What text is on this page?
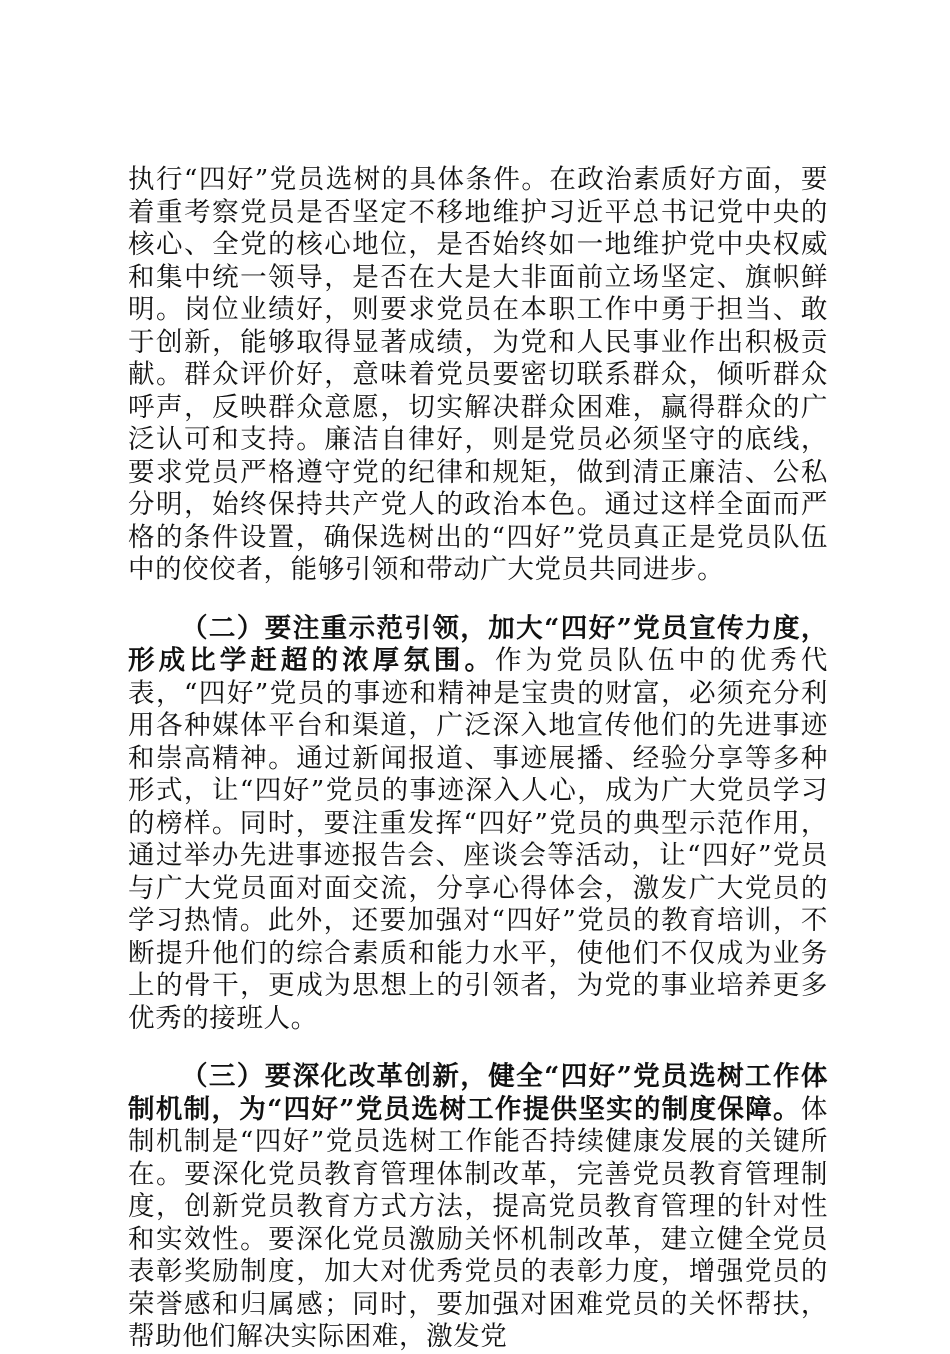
执行“四好”党员选树的具体条件。在政治素质好方面，要着重考察党员是否坚定不移地维护习近平总书记党中央的核心、全党的核心地位，是否始终如一地维护党中央权威和集中统一领导，是否在大是大非面前立场坚定、旗帜鲜明。岗位业绩好，则要求党员在本职工作中勇于担当、敢于创新，能够取得显著成绩，为党和人民事业作出积极贡献。群众评价好，意味着党员要密切联系群众，倾听群众呼声，反映群众意愿，切实解决群众困难，赢得群众的广泛认可和支持。廉洁自律好，则是党员必须坚守的底线，要求党员严格遵守党的纪律和规矩，做到清正廉洁、公私分明，始终保持共产党人的政治本色。通过这样全面而严格的条件设置，确保选树出的“四好”党员真正是党员队伍中的佼佼者，能够引领和带动广大党员共同进步。

（二）要注重示范引领，加大“四好”党员宣传力度，形成比学赶超的浓厚氛围。作为党员队伍中的优秀代表，“四好”党员的事迹和精神是宝贵的财富，必须充分利用各种媒体平台和渠道，广泛深入地宣传他们的先进事迹和崇高精神。通过新闻报道、事迹展播、经验分享等多种形式，让“四好”党员的事迹深入人心，成为广大党员学习的榜样。同时，要注重发挥“四好”党员的典型示范作用，通过举办先进事迹报告会、座谈会等活动，让“四好”党员与广大党员面对面交流，分享心得体会，激发广大党员的学习热情。此外，还要加强对“四好”党员的教育培训，不断提升他们的综合素质和能力水平，使他们不仅成为业务上的骨干，更成为思想上的引领者，为党的事业培养更多优秀的接班人。

（三）要深化改革创新，健全“四好”党员选树工作体制机制，为“四好”党员选树工作提供坚实的制度保障。体制机制是“四好”党员选树工作能否持续健康发展的关键所在。要深化党员教育管理体制改革，完善党员教育管理制度，创新党员教育方式方法，提高党员教育管理的针对性和实效性。要深化党员激励关怀机制改革，建立健全党员表彰奖励制度，加大对优秀党员的表彰力度，增强党员的荣誉感和归属感；同时，要加强对困难党员的关怀帮扶，帮助他们解决实际困难，激发党
